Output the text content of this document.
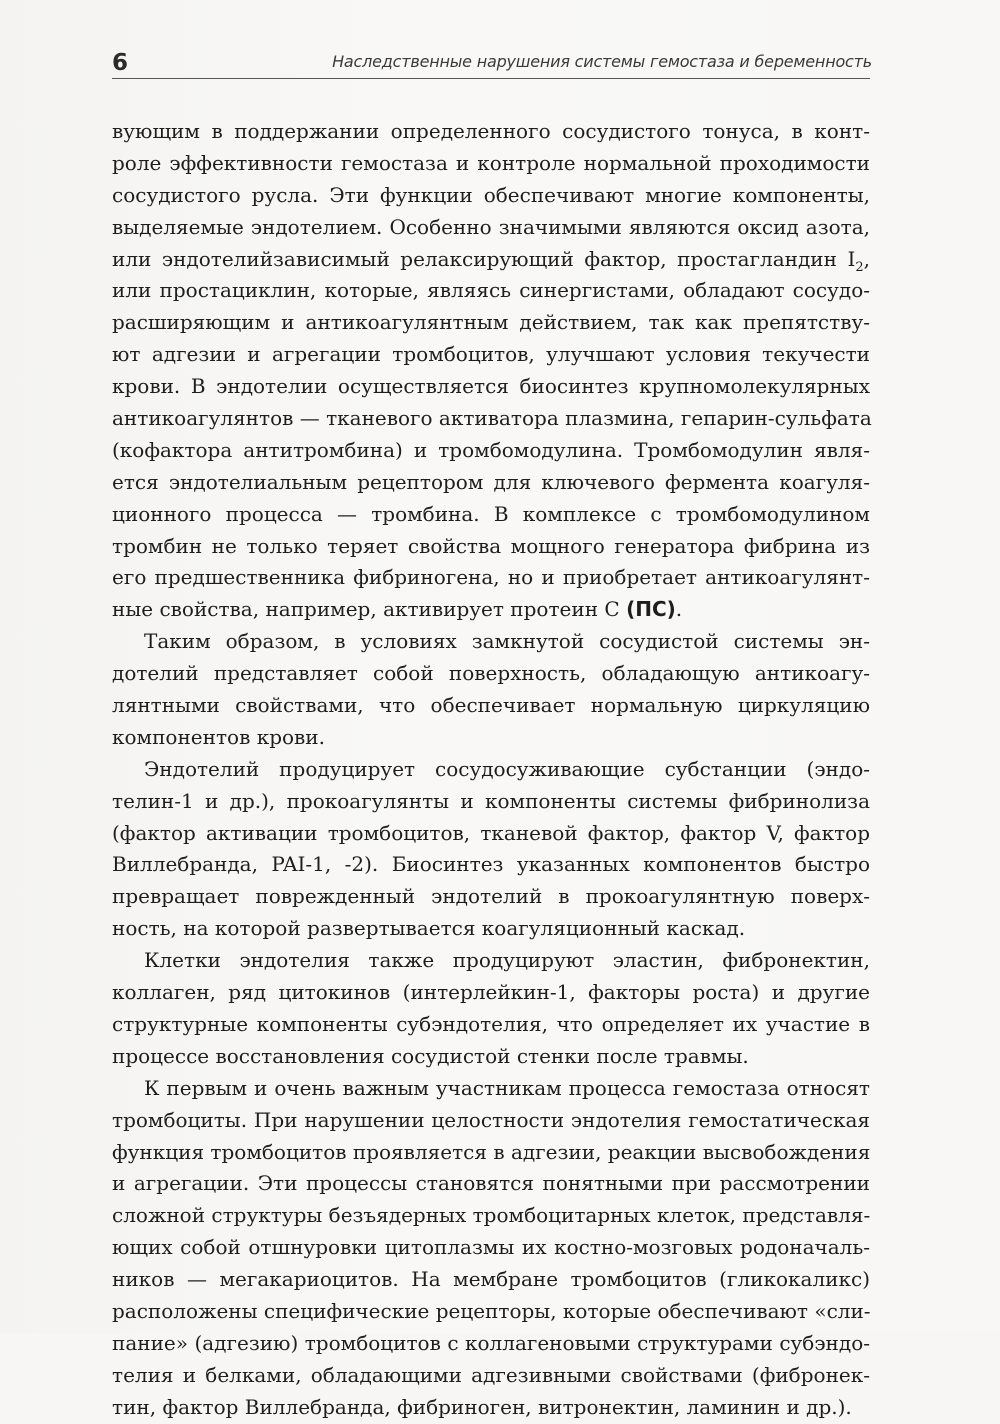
6	Наследственные нарушения системы гемостаза и беременность
вующим в поддержании определенного сосудистого тонуса, в конт-
роле эффективности гемостаза и контроле нормальной проходимости
сосудистого русла. Эти функции обеспечивают многие компоненты,
выделяемые эндотелием. Особенно значимыми являются оксид азота,
или эндотелийзависимый релаксирующий фактор, простагландин $I_2$,
или простациклин, которые, являясь синергистами, обладают сосудо-
расширяющим и антикоагулянтным действием, так как препятству-
ют адгезии и агрегации тромбоцитов, улучшают условия текучести
крови. В эндотелии осуществляется биосинтез крупномолекулярных
антикоагулянтов — тканевого активатора плазмина, гепарин-сульфата
(кофактора антитромбина) и тромбомодулина. Тромбомодулин явля-
ется эндотелиальным рецептором для ключевого фермента коагуля-
ционного процесса — тромбина. В комплексе с тромбомодулином
тромбин не только теряет свойства мощного генератора фибрина из
его предшественника фибриногена, но и приобретает антикоагулянт-
ные свойства, например, активирует протеин С (ПС).
Таким образом, в условиях замкнутой сосудистой системы эн-
дотелий представляет собой поверхность, обладающую антикоагу-
лянтными свойствами, что обеспечивает нормальную циркуляцию
компонентов крови.
Эндотелий продуцирует сосудосуживающие субстанции (эндо-
телин-1 и др.), прокоагулянты и компоненты системы фибринолиза
(фактор активации тромбоцитов, тканевой фактор, фактор V, фактор
Виллебранда, PAI-1, -2). Биосинтез указанных компонентов быстро
превращает поврежденный эндотелий в прокоагулянтную поверх-
ность, на которой развертывается коагуляционный каскад.
Клетки эндотелия также продуцируют эластин, фибронектин,
коллаген, ряд цитокинов (интерлейкин-1, факторы роста) и другие
структурные компоненты субэндотелия, что определяет их участие в
процессе восстановления сосудистой стенки после травмы.
К первым и очень важным участникам процесса гемостаза относят
тромбоциты. При нарушении целостности эндотелия гемостатическая
функция тромбоцитов проявляется в адгезии, реакции высвобождения
и агрегации. Эти процессы становятся понятными при рассмотрении
сложной структуры безъядерных тромбоцитарных клеток, представля-
ющих собой отшнуровки цитоплазмы их костно-мозговых родоначаль-
ников — мегакариоцитов. На мембране тромбоцитов (гликокаликс)
расположены специфические рецепторы, которые обеспечивают «сли-
пание» (адгезию) тромбоцитов с коллагеновыми структурами субэндо-
телия и белками, обладающими адгезивными свойствами (фибронек-
тин, фактор Виллебранда, фибриноген, витронектин, ламинин и др.).
